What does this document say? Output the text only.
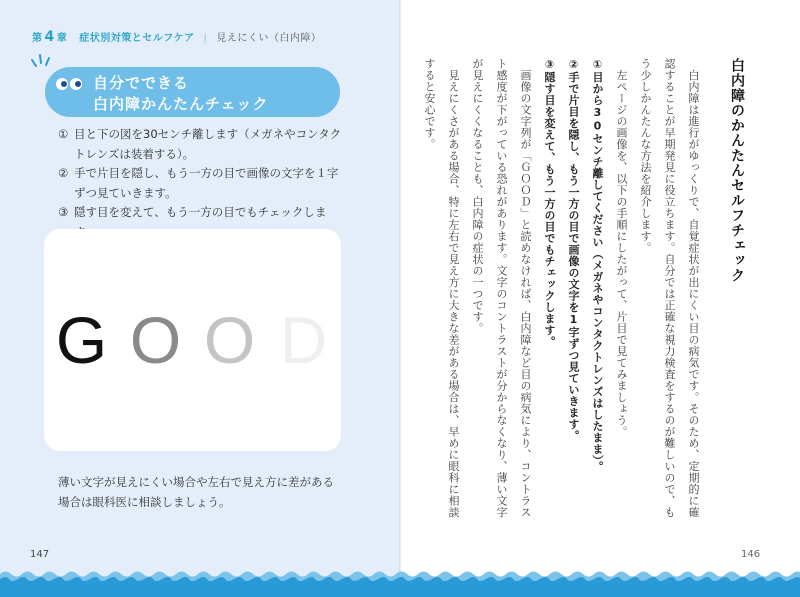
第 4 章 症状別対策とセルフケア | 見えにくい（白内障）
自分でできる
白内障かんたんチェック
① 目と下の図を30センチ離します（メガネやコンタクトレンズは装着する）。
② 手で片目を隠し、もう一方の目で画像の文字を１字ずつ見ていきます。
③ 隠す目を変えて、もう一方の目でもチェックしま
G O O D
薄い文字が見えにくい場合や左右で見え方に差がある場合は眼科医に相談しましょう。
147	146
白内障のかんたんセルフチェック

　白内障は進行がゆっくりで、自覚症状が出にくい目の病気です。そのため、定期的に確認することが早期発見に役立ちます。自分では正確な視力検査をするのが難しいので、もう少しかんたんな方法を紹介します。

　左ページの画像を、以下の手順にしたがって、片目で見てみましょう。

①目から30センチ離してください（メガネやコンタクトレンズはしたまま）。

②手で片目を隠し、もう一方の目で画像の文字を1字ずつ見ていきます。

③隠す目を変えて、もう一方の目でもチェックします。

　画像の文字列が「ＧＯＯＤ」と読めなければ、白内障など目の病気により、コントラスト感度が下がっている恐れがあります。文字のコントラストが分からなくなり、薄い文字が見えにくくなることも、白内障の症状の一つです。

　見えにくさがある場合、特に左右で見え方に大きな差がある場合は、早めに眼科に相談すると安心です。
